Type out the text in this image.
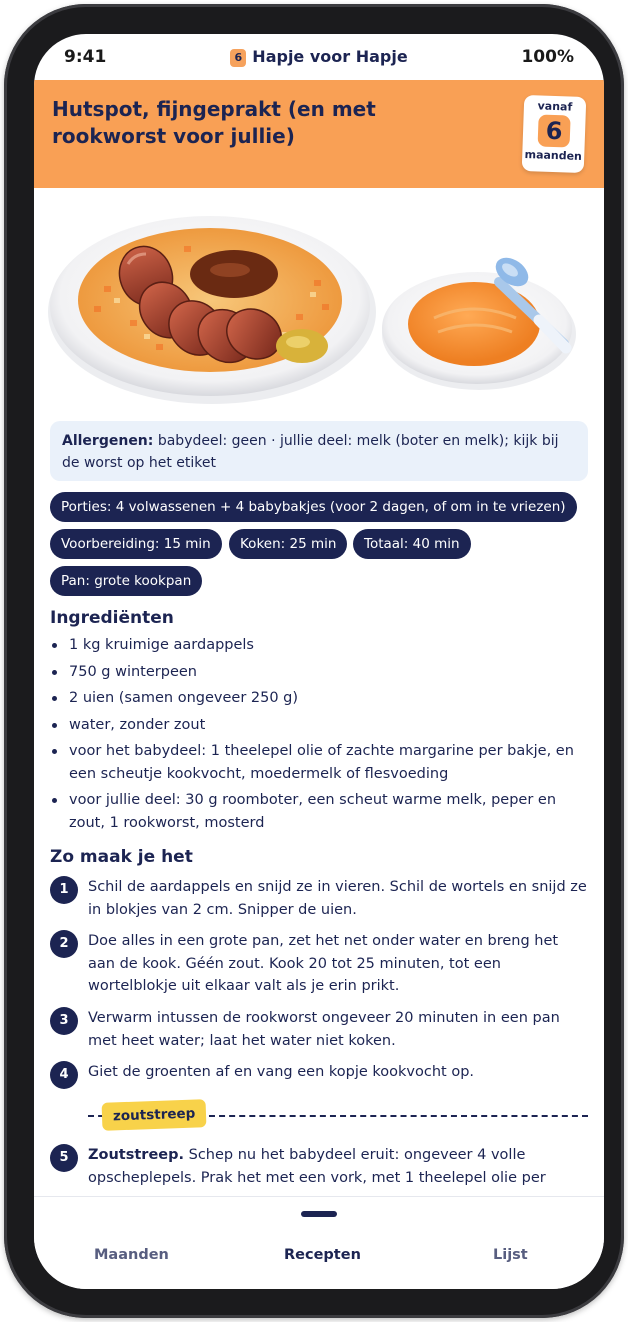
9:41	6 Hapje voor Hapje	100%
Hutspot, fijngeprakt (en met rookworst voor jullie)
vanaf
6
maanden
Allergenen: babydeel: geen · jullie deel: melk (boter en melk); kijk bij de worst op het etiket
Porties: 4 volwassenen + 4 babybakjes (voor 2 dagen, of om in te vriezen)
Voorbereiding: 15 min	Koken: 25 min	Totaal: 40 min
Pan: grote kookpan
Ingrediënten
1 kg kruimige aardappels
750 g winterpeen
2 uien (samen ongeveer 250 g)
water, zonder zout
voor het babydeel: 1 theelepel olie of zachte margarine per bakje, en een scheutje kookvocht, moedermelk of flesvoeding
voor jullie deel: 30 g roomboter, een scheut warme melk, peper en zout, 1 rookworst, mosterd
Zo maak je het
1	Schil de aardappels en snijd ze in vieren. Schil de wortels en snijd ze in blokjes van 2 cm. Snipper de uien.
2	Doe alles in een grote pan, zet het net onder water en breng het aan de kook. Géén zout. Kook 20 tot 25 minuten, tot een wortelblokje uit elkaar valt als je erin prikt.
3	Verwarm intussen de rookworst ongeveer 20 minuten in een pan met heet water; laat het water niet koken.
4	Giet de groenten af en vang een kopje kookvocht op.
zoutstreep
5	Zoutstreep. Schep nu het babydeel eruit: ongeveer 4 volle opscheplepels. Prak het met een vork, met 1 theelepel olie per
Maanden	Recepten	Lijst
